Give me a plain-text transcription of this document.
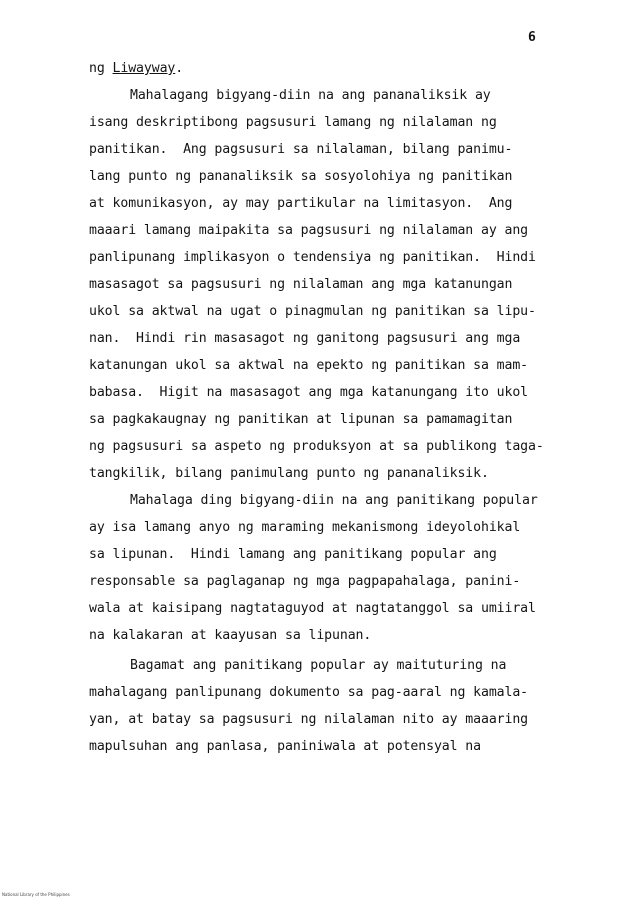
6
ng Liwayway.
Mahalagang bigyang-diin na ang pananaliksik ay
isang deskriptibong pagsusuri lamang ng nilalaman ng
panitikan.  Ang pagsusuri sa nilalaman, bilang panimu-
lang punto ng pananaliksik sa sosyolohiya ng panitikan
at komunikasyon, ay may partikular na limitasyon.  Ang
maaari lamang maipakita sa pagsusuri ng nilalaman ay ang
panlipunang implikasyon o tendensiya ng panitikan.  Hindi
masasagot sa pagsusuri ng nilalaman ang mga katanungan
ukol sa aktwal na ugat o pinagmulan ng panitikan sa lipu-
nan.  Hindi rin masasagot ng ganitong pagsusuri ang mga
katanungan ukol sa aktwal na epekto ng panitikan sa mam-
babasa.  Higit na masasagot ang mga katanungang ito ukol
sa pagkakaugnay ng panitikan at lipunan sa pamamagitan
ng pagsusuri sa aspeto ng produksyon at sa publikong taga-
tangkilik, bilang panimulang punto ng pananaliksik.
Mahalaga ding bigyang-diin na ang panitikang popular
ay isa lamang anyo ng maraming mekanismong ideyolohikal
sa lipunan.  Hindi lamang ang panitikang popular ang
responsable sa paglaganap ng mga pagpapahalaga, panini-
wala at kaisipang nagtataguyod at nagtatanggol sa umiiral
na kalakaran at kaayusan sa lipunan.
Bagamat ang panitikang popular ay maituturing na
mahalagang panlipunang dokumento sa pag-aaral ng kamala-
yan, at batay sa pagsusuri ng nilalaman nito ay maaaring
mapulsuhan ang panlasa, paniniwala at potensyal na
National Library of the Philippines
